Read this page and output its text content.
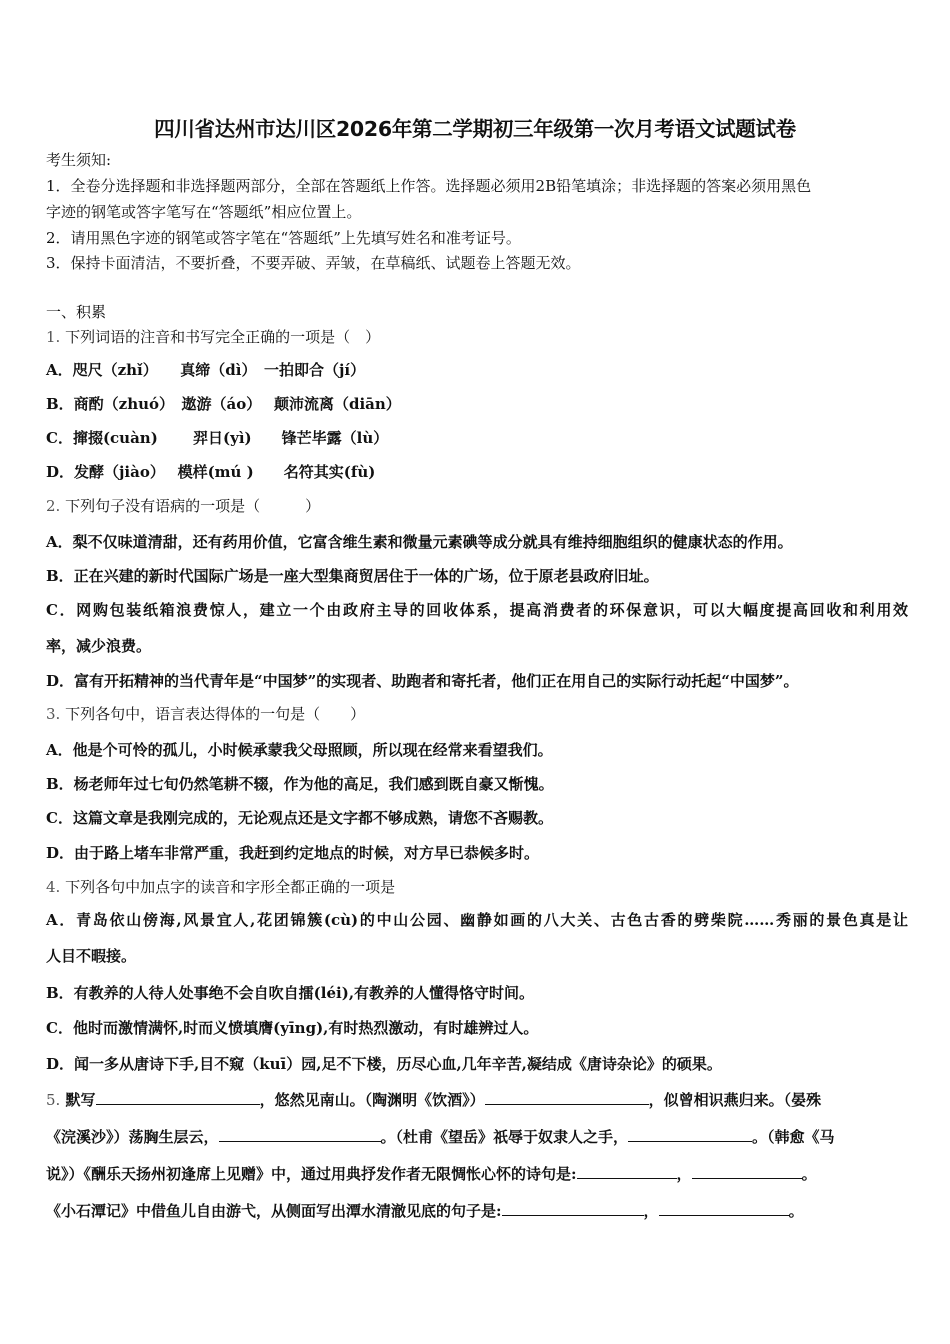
四川省达州市达川区2026年第二学期初三年级第一次月考语文试题试卷
考生须知:
1．全卷分选择题和非选择题两部分，全部在答题纸上作答。选择题必须用2B铅笔填涂；非选择题的答案必须用黑色
字迹的钢笔或答字笔写在“答题纸”相应位置上。
2．请用黑色字迹的钢笔或答字笔在“答题纸”上先填写姓名和准考证号。
3．保持卡面清洁，不要折叠，不要弄破、弄皱，在草稿纸、试题卷上答题无效。
一、积累
1. 下列词语的注音和书写完全正确的一项是（　）
A．咫尺（zhǐ）　　真缔（dì）　一拍即合（jí）
B．商酌（zhuó）　遨游（áo）　 颠沛流离（diān）
C．撺掇(cuàn)　　 羿日(yì)　　锋芒毕露（lù）
D．发酵（jiào）　 模样(mú )　　名符其实(fù)
2. 下列句子没有语病的一项是（　　　）
A．梨不仅味道清甜，还有药用价值，它富含维生素和微量元素碘等成分就具有维持细胞组织的健康状态的作用。
B．正在兴建的新时代国际广场是一座大型集商贸居住于一体的广场，位于原老县政府旧址。
C．网购包装纸箱浪费惊人，建立一个由政府主导的回收体系，提高消费者的环保意识，可以大幅度提高回收和利用效
率，减少浪费。
D．富有开拓精神的当代青年是“中国梦”的实现者、助跑者和寄托者，他们正在用自己的实际行动托起“中国梦”。
3. 下列各句中，语言表达得体的一句是（　　）
A．他是个可怜的孤儿，小时候承蒙我父母照顾，所以现在经常来看望我们。
B．杨老师年过七旬仍然笔耕不辍，作为他的高足，我们感到既自豪又惭愧。
C．这篇文章是我刚完成的，无论观点还是文字都不够成熟，请您不吝赐教。
D．由于路上堵车非常严重，我赶到约定地点的时候，对方早已恭候多时。
4. 下列各句中加点字的读音和字形全都正确的一项是
A．青岛依山傍海,风景宜人,花团锦簇(cù)的中山公园、幽静如画的八大关、古色古香的劈柴院……秀丽的景色真是让
人目不暇接。
B．有教养的人待人处事绝不会自吹自擂(léi),有教养的人懂得恪守时间。
C．他时而激情满怀,时而义愤填膺(yīng),有时热烈激动，有时雄辨过人。
D．闻一多从唐诗下手,目不窥（kuī）园,足不下楼，历尽心血,几年辛苦,凝结成《唐诗杂论》的硕果。
5. 默写	，悠然见南山。（陶渊明《饮酒》）	，似曾相识燕归来。（晏殊
《浣溪沙》）荡胸生层云，	。（杜甫《望岳》祇辱于奴隶人之手，	。（韩愈《马
说》）《酬乐天扬州初逢席上见赠》中，通过用典抒发作者无限惆怅心怀的诗句是:	，	。
《小石潭记》中借鱼儿自由游弋，从侧面写出潭水清澈见底的句子是:	，	。
